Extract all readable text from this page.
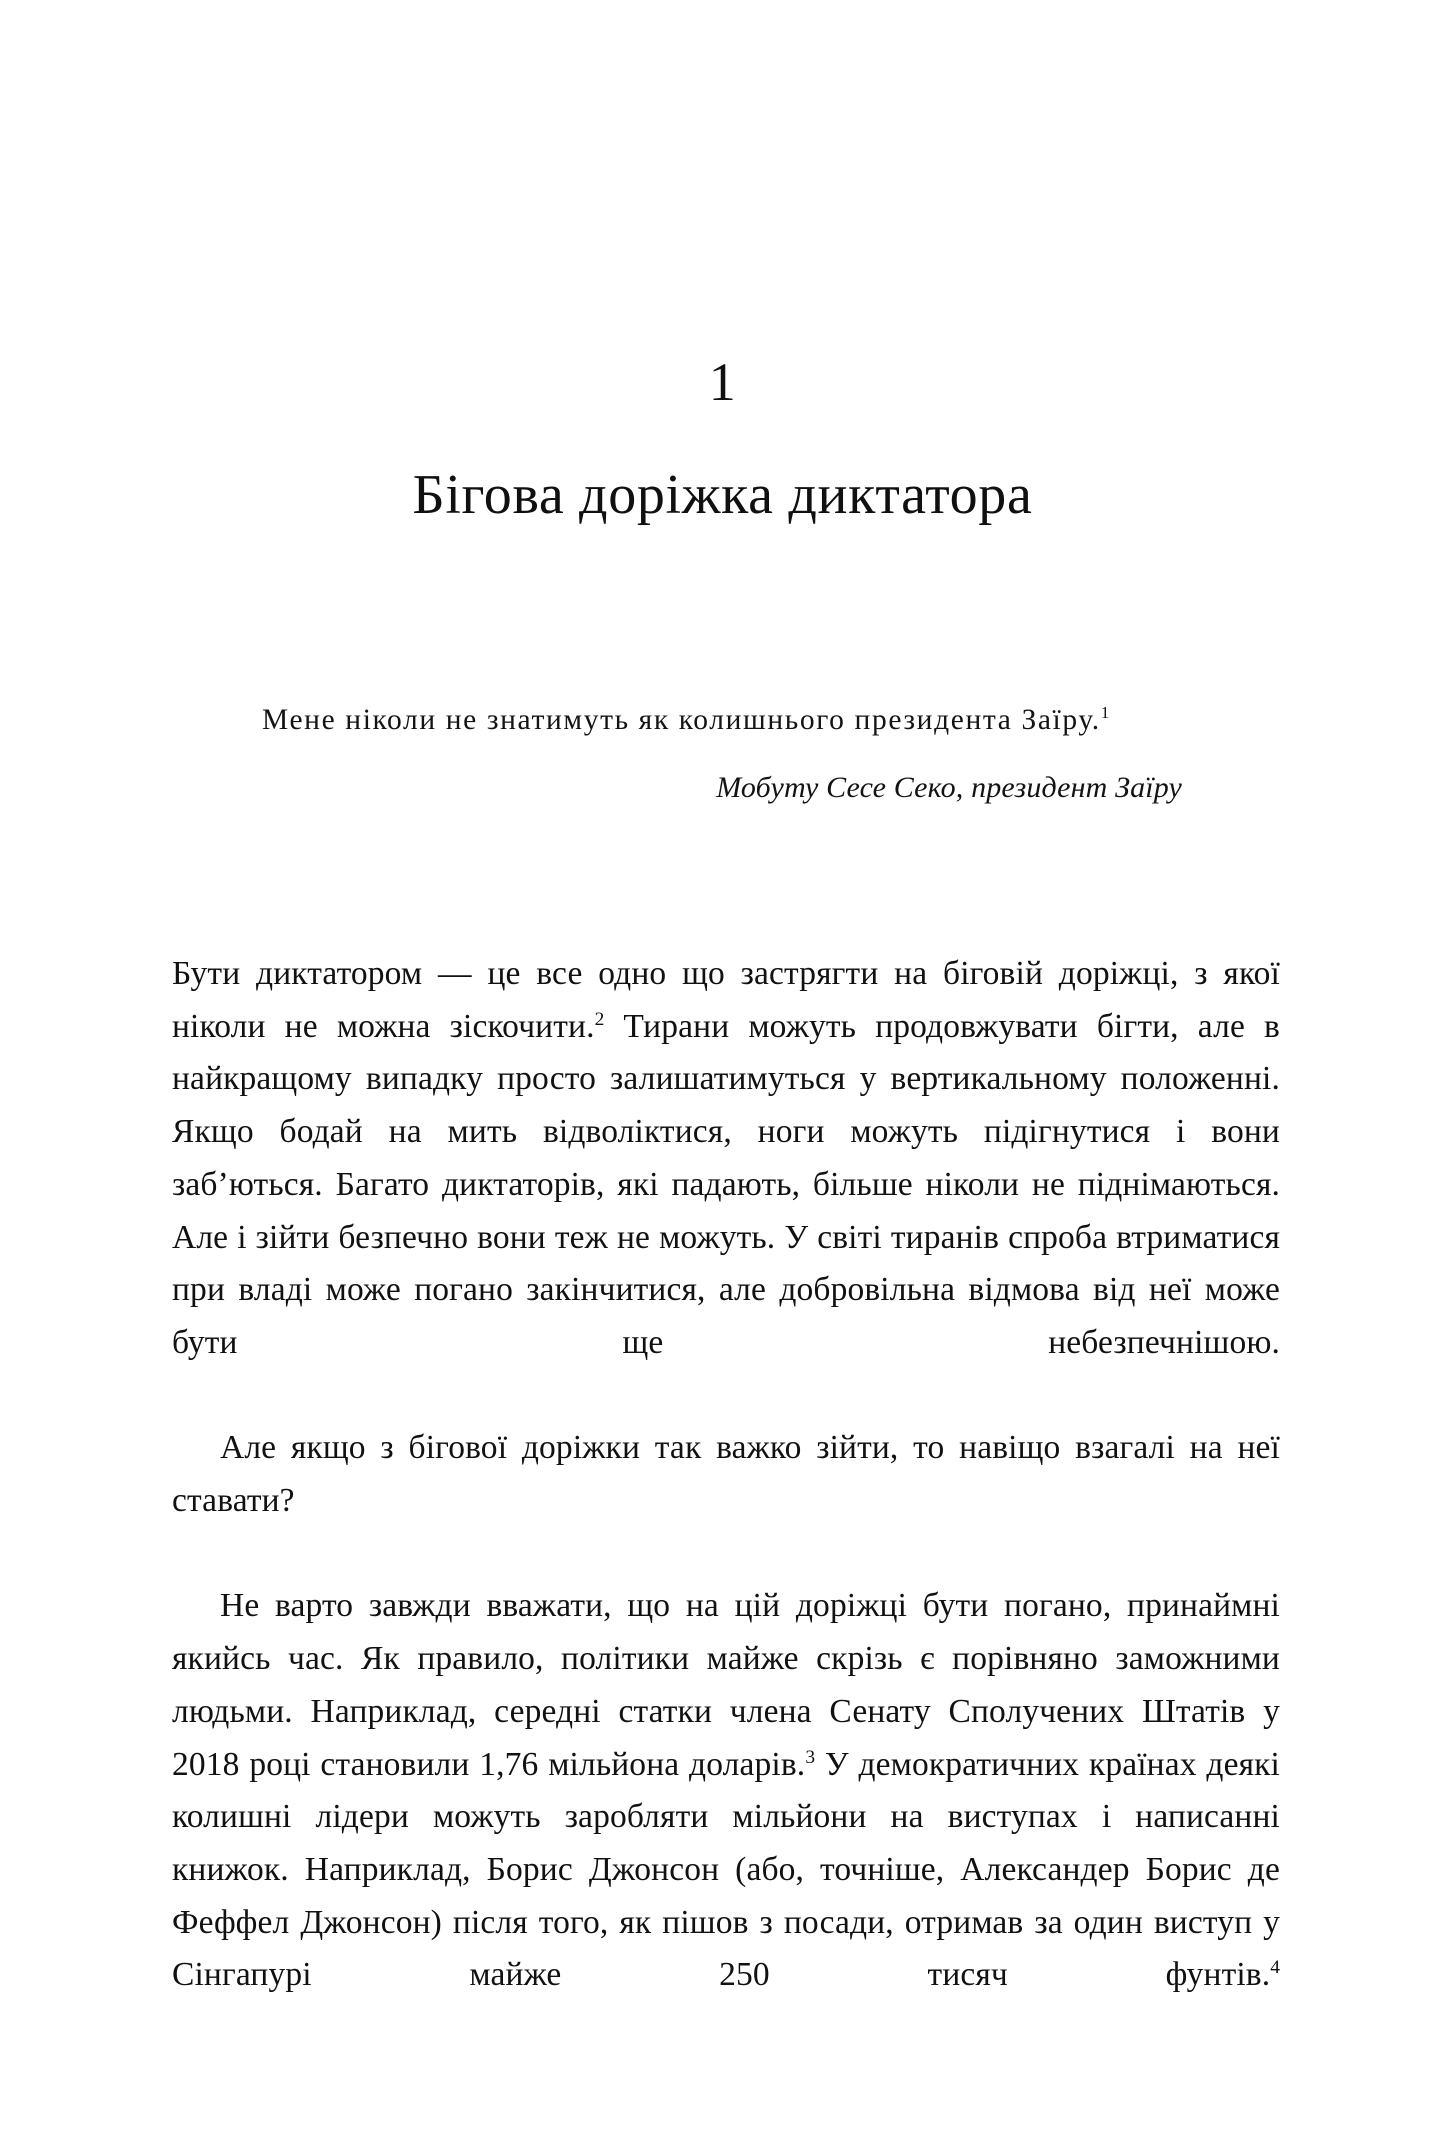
1
Бігова доріжка диктатора
Мене ніколи не знатимуть як колишнього президента Заїру.$^1$
Мобуту Сесе Секо, президент Заїру

Бути диктатором — це все одно що застрягти на біговій доріжці, з якої ніколи не можна зіскочити.$^2$ Тирани можуть продовжувати бігти, але в найкращому випадку просто залишатимуться у вертикальному положенні. Якщо бодай на мить відволіктися, ноги можуть підігнутися і вони заб’ються. Багато диктаторів, які падають, більше ніколи не піднімаються. Але і зійти безпечно вони теж не можуть. У світі тиранів спроба втриматися при владі може погано закінчитися, але добровільна відмова від неї може бути ще небезпечнішою.

Але якщо з бігової доріжки так важко зійти, то навіщо взагалі на неї ставати?

Не варто завжди вважати, що на цій доріжці бути погано, принаймні якийсь час. Як правило, політики майже скрізь є порівняно заможними людьми. Наприклад, середні статки члена Сенату Сполучених Штатів у 2018 році становили 1,76 мільйона доларів.$^3$ У демократичних країнах деякі колишні лідери можуть заробляти мільйони на виступах і написанні книжок. Наприклад, Борис Джонсон (або, точніше, Александер Борис де Феффел Джонсон) після того, як пішов з посади, отримав за один виступ у Сінгапурі майже 250 тисяч фунтів.$^4$
